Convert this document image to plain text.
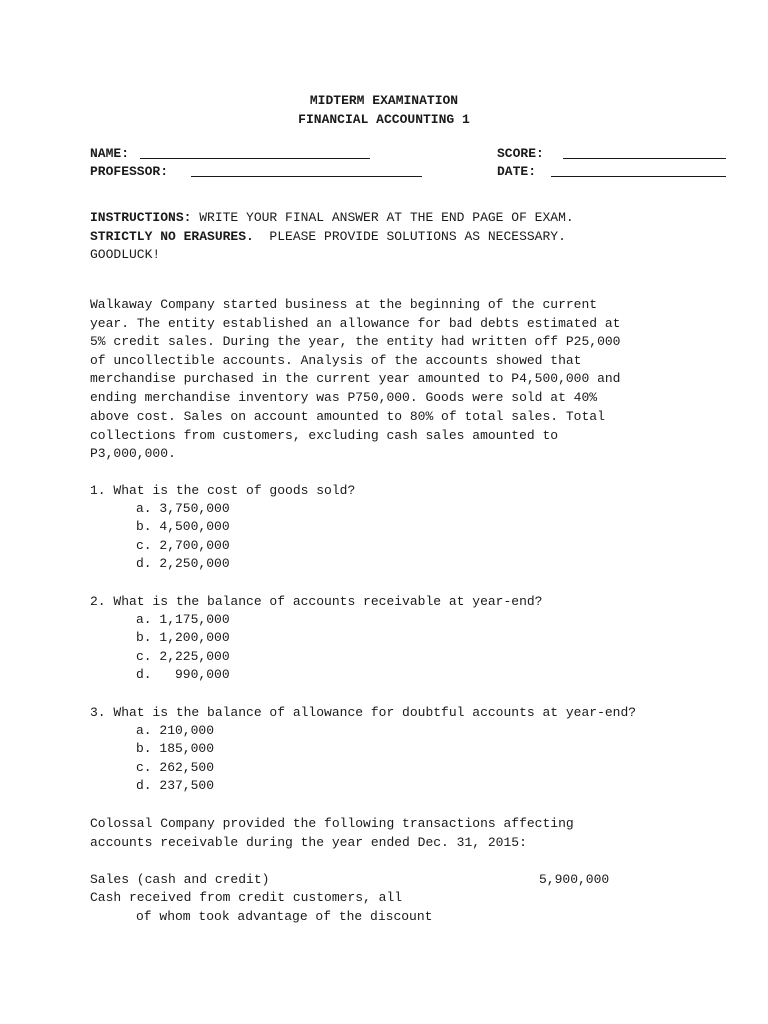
MIDTERM EXAMINATION
FINANCIAL ACCOUNTING 1
NAME:
PROFESSOR:
SCORE:
DATE:
INSTRUCTIONS: WRITE YOUR FINAL ANSWER AT THE END PAGE OF EXAM.
STRICTLY NO ERASURES.  PLEASE PROVIDE SOLUTIONS AS NECESSARY.
GOODLUCK!
Walkaway Company started business at the beginning of the current
year. The entity established an allowance for bad debts estimated at
5% credit sales. During the year, the entity had written off P25,000
of uncollectible accounts. Analysis of the accounts showed that
merchandise purchased in the current year amounted to P4,500,000 and
ending merchandise inventory was P750,000. Goods were sold at 40%
above cost. Sales on account amounted to 80% of total sales. Total
collections from customers, excluding cash sales amounted to
P3,000,000.
1. What is the cost of goods sold?
a. 3,750,000
b. 4,500,000
c. 2,700,000
d. 2,250,000
2. What is the balance of accounts receivable at year-end?
a. 1,175,000
b. 1,200,000
c. 2,225,000
d.   990,000
3. What is the balance of allowance for doubtful accounts at year-end?
a. 210,000
b. 185,000
c. 262,500
d. 237,500
Colossal Company provided the following transactions affecting
accounts receivable during the year ended Dec. 31, 2015:
Sales (cash and credit)	5,900,000
Cash received from credit customers, all
of whom took advantage of the discount
